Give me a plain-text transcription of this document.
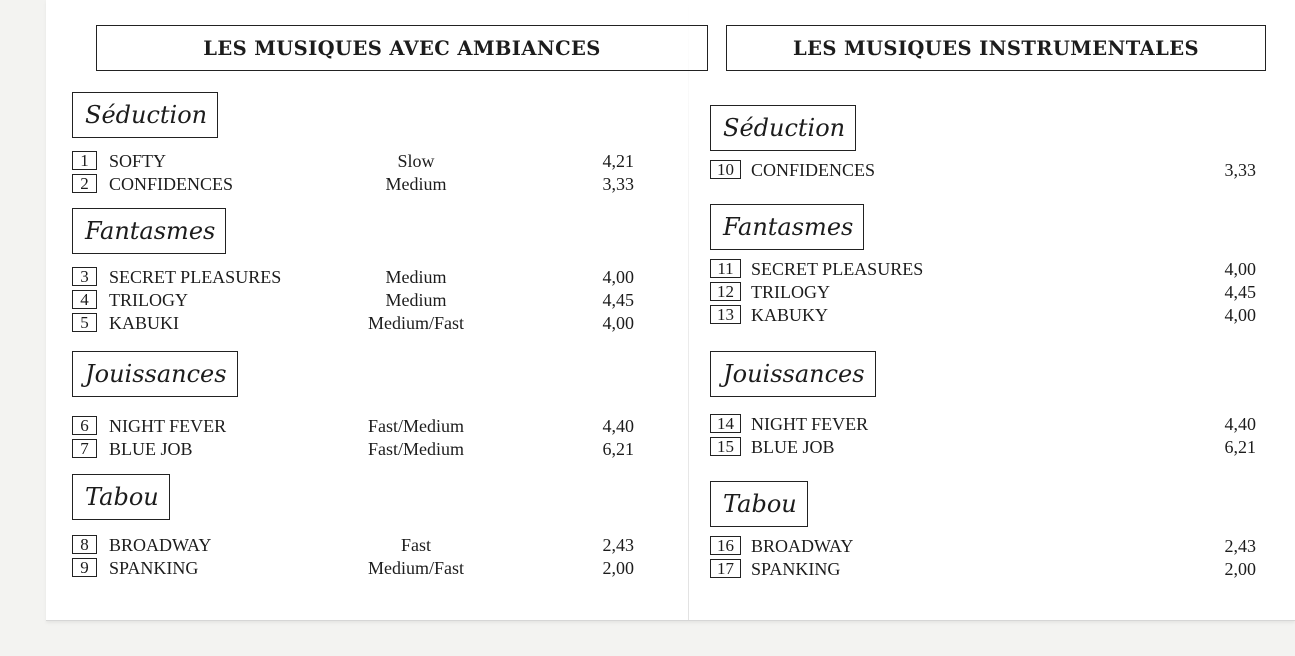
LES MUSIQUES AVEC AMBIANCES
Séduction
1	SOFTY	Slow	4,21
2	CONFIDENCES	Medium	3,33
Fantasmes
3	SECRET PLEASURES	Medium	4,00
4	TRILOGY	Medium	4,45
5	KABUKI	Medium/Fast	4,00
Jouissances
6	NIGHT FEVER	Fast/Medium	4,40
7	BLUE JOB	Fast/Medium	6,21
Tabou
8	BROADWAY	Fast	2,43
9	SPANKING	Medium/Fast	2,00
LES MUSIQUES INSTRUMENTALES
Séduction
10 CONFIDENCES	3,33
Fantasmes
11 SECRET PLEASURES	4,00
12 TRILOGY	4,45
13 KABUKY	4,00
Jouissances
14 NIGHT FEVER	4,40
15 BLUE JOB	6,21
Tabou
16 BROADWAY	2,43
17 SPANKING	2,00
